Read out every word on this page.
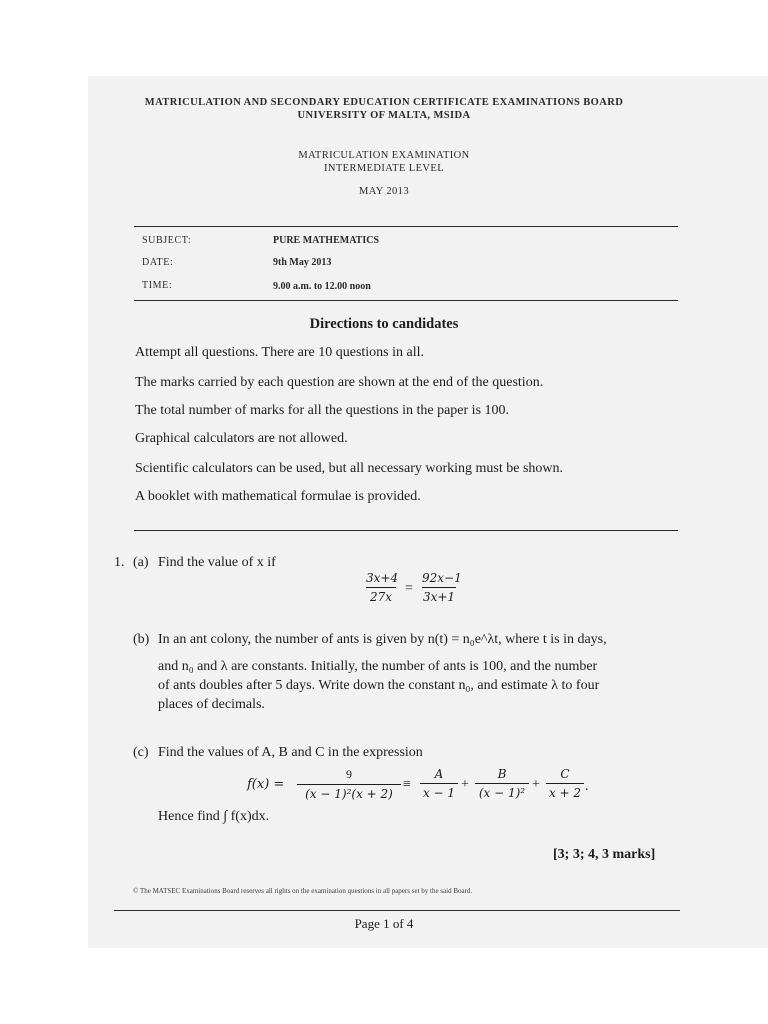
MATRICULATION AND SECONDARY EDUCATION CERTIFICATE EXAMINATIONS BOARD
UNIVERSITY OF MALTA, MSIDA
MATRICULATION EXAMINATION
INTERMEDIATE LEVEL
MAY 2013
SUBJECT:	PURE MATHEMATICS
DATE:	9th May 2013
TIME:	9.00 a.m. to 12.00 noon
Directions to candidates
Attempt all questions. There are 10 questions in all.
The marks carried by each question are shown at the end of the question.
The total number of marks for all the questions in the paper is 100.
Graphical calculators are not allowed.
Scientific calculators can be used, but all necessary working must be shown.
A booklet with mathematical formulae is provided.
1. (a) Find the value of x if
3x+4
27x
=
92x−1
3x+1
(b) In an ant colony, the number of ants is given by n(t) = n₀e^λt, where t is in days,
and n₀ and λ are constants. Initially, the number of ants is 100, and the number
of ants doubles after 5 days. Write down the constant n₀, and estimate λ to four
places of decimals.
(c) Find the values of A, B and C in the expression
f(x) =
9
(x − 1)²(x + 2)
≡
A
x − 1
+
B
(x − 1)²
+
C
x + 2 .
Hence find ∫ f(x)dx.
[3; 3; 4, 3 marks]
© The MATSEC Examinations Board reserves all rights on the examination questions in all papers set by the said Board.
Page 1 of 4
